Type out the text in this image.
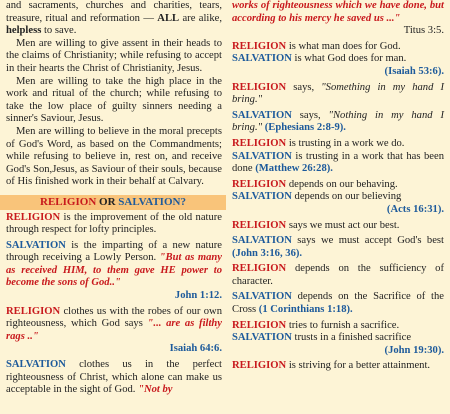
and sacraments, churches and charities, tears, treasure, ritual and reformation — ALL are alike, helpless to save.

Men are willing to give assent in their heads to the claims of Christianity; while refusing to accept in their hearts the Christ of Christianity, Jesus.

Men are willing to take the high place in the work and ritual of the church; while refusing to take the low place of guilty sinners needing a sinner's Saviour, Jesus.

Men are willing to believe in the moral precepts of God's Word, as based on the Commandments; while refusing to believe in, rest on, and receive God's Son,Jesus, as Saviour of their souls, because of His finished work in their behalf at Calvary.

RELIGION OR SALVATION?

RELIGION is the improvement of the old nature through respect for lofty principles.

SALVATION is the imparting of a new nature through receiving a Lowly Person. "But as many as received HIM, to them gave HE power to become the sons of God.."

John 1:12.

RELIGION clothes us with the robes of our own righteousness, which God says "... are as filthy rags .."

Isaiah 64:6.

SALVATION clothes us in the perfect righteousness of Christ, which alone can make us acceptable in the sight of God. "Not by

works of righteousness which we have done, but according to his mercy he saved us ..."

Titus 3:5.

RELIGION is what man does for God.

SALVATION is what God does for man.

(Isaiah 53:6).

RELIGION says, "Something in my hand I bring."

SALVATION says, "Nothing in my hand I bring." (Ephesians 2:8-9).

RELIGION is trusting in a work we do.

SALVATION is trusting in a work that has been done (Matthew 26:28).

RELIGION depends on our behaving.

SALVATION depends on our believing

(Acts 16:31).

RELIGION says we must act our best.

SALVATION says we must accept God's best (John 3:16, 36).

RELIGION depends on the sufficiency of character.

SALVATION depends on the Sacrifice of the Cross (1 Corinthians 1:18).

RELIGION tries to furnish a sacrifice.

SALVATION trusts in a finished sacrifice

(John 19:30).

RELIGION is striving for a better attainment.
